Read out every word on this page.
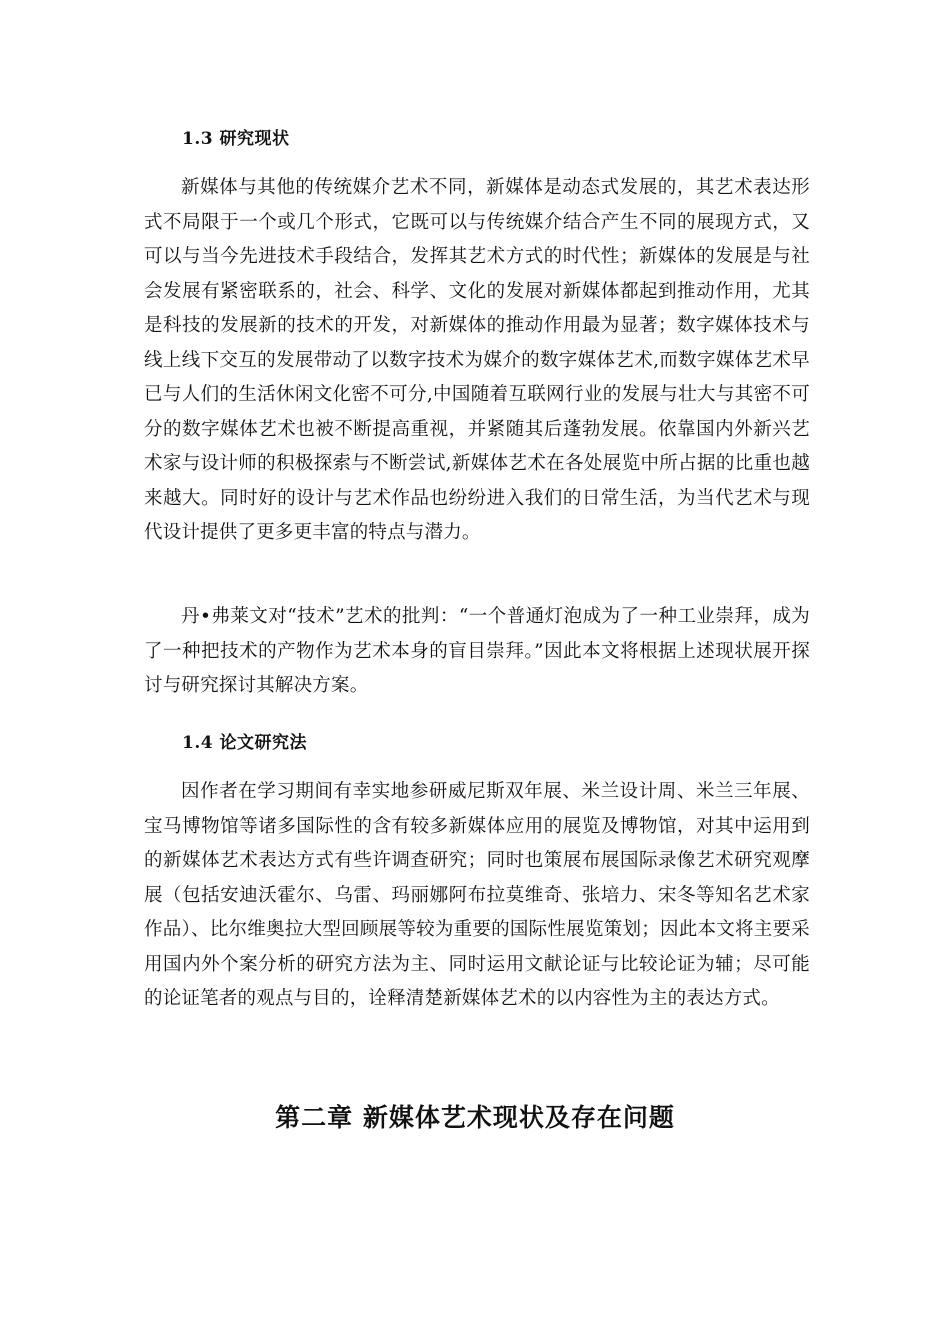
1.3 研究现状

新媒体与其他的传统媒介艺术不同，新媒体是动态式发展的，其艺术表达形式不局限于一个或几个形式，它既可以与传统媒介结合产生不同的展现方式，又可以与当今先进技术手段结合，发挥其艺术方式的时代性；新媒体的发展是与社会发展有紧密联系的，社会、科学、文化的发展对新媒体都起到推动作用，尤其是科技的发展新的技术的开发，对新媒体的推动作用最为显著；数字媒体技术与线上线下交互的发展带动了以数字技术为媒介的数字媒体艺术,而数字媒体艺术早已与人们的生活休闲文化密不可分,中国随着互联网行业的发展与壮大与其密不可分的数字媒体艺术也被不断提高重视，并紧随其后蓬勃发展。依靠国内外新兴艺术家与设计师的积极探索与不断尝试,新媒体艺术在各处展览中所占据的比重也越来越大。同时好的设计与艺术作品也纷纷进入我们的日常生活，为当代艺术与现代设计提供了更多更丰富的特点与潜力。

丹•弗莱文对“技术”艺术的批判：“一个普通灯泡成为了一种工业崇拜，成为了一种把技术的产物作为艺术本身的盲目崇拜。”因此本文将根据上述现状展开探讨与研究探讨其解决方案。

1.4 论文研究法

因作者在学习期间有幸实地参研威尼斯双年展、米兰设计周、米兰三年展、宝马博物馆等诸多国际性的含有较多新媒体应用的展览及博物馆，对其中运用到的新媒体艺术表达方式有些许调查研究；同时也策展布展国际录像艺术研究观摩展（包括安迪沃霍尔、乌雷、玛丽娜阿布拉莫维奇、张培力、宋冬等知名艺术家作品）、比尔维奥拉大型回顾展等较为重要的国际性展览策划；因此本文将主要采用国内外个案分析的研究方法为主、同时运用文献论证与比较论证为辅；尽可能的论证笔者的观点与目的，诠释清楚新媒体艺术的以内容性为主的表达方式。

第二章 新媒体艺术现状及存在问题
